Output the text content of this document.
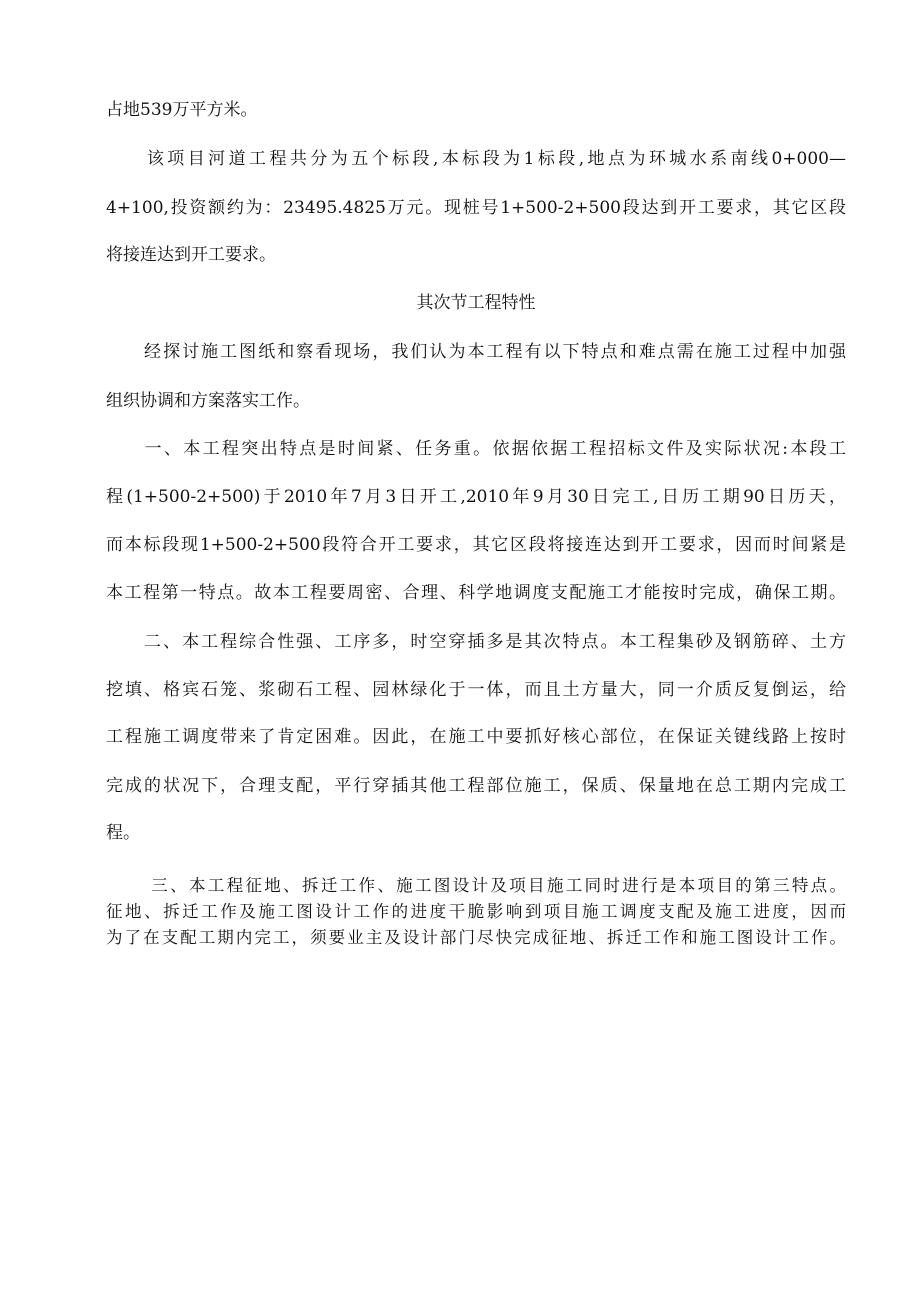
占地539万平方米。
　　该项目河道工程共分为五个标段,本标段为1标段,地点为环城水系南线0+000—
4+100,投资额约为：23495.4825万元。现桩号1+500-2+500段达到开工要求，其它区段
将接连达到开工要求。
其次节工程特性
　　经探讨施工图纸和察看现场，我们认为本工程有以下特点和难点需在施工过程中加强
组织协调和方案落实工作。
　　一、本工程突出特点是时间紧、任务重。依据依据工程招标文件及实际状况:本段工
程(1+500-2+500)于2010年7月3日开工,2010年9月30日完工,日历工期90日历天，
而本标段现1+500-2+500段符合开工要求，其它区段将接连达到开工要求，因而时间紧是
本工程第一特点。故本工程要周密、合理、科学地调度支配施工才能按时完成，确保工期。
　　二、本工程综合性强、工序多，时空穿插多是其次特点。本工程集砂及钢筋碎、土方
挖填、格宾石笼、浆砌石工程、园林绿化于一体，而且土方量大，同一介质反复倒运，给
工程施工调度带来了肯定困难。因此，在施工中要抓好核心部位，在保证关键线路上按时
完成的状况下，合理支配，平行穿插其他工程部位施工，保质、保量地在总工期内完成工
程。
　　 三、本工程征地、拆迁工作、施工图设计及项目施工同时进行是本项目的第三特点。
征地、拆迁工作及施工图设计工作的进度干脆影响到项目施工调度支配及施工进度，因而
为了在支配工期内完工，须要业主及设计部门尽快完成征地、拆迁工作和施工图设计工作。
